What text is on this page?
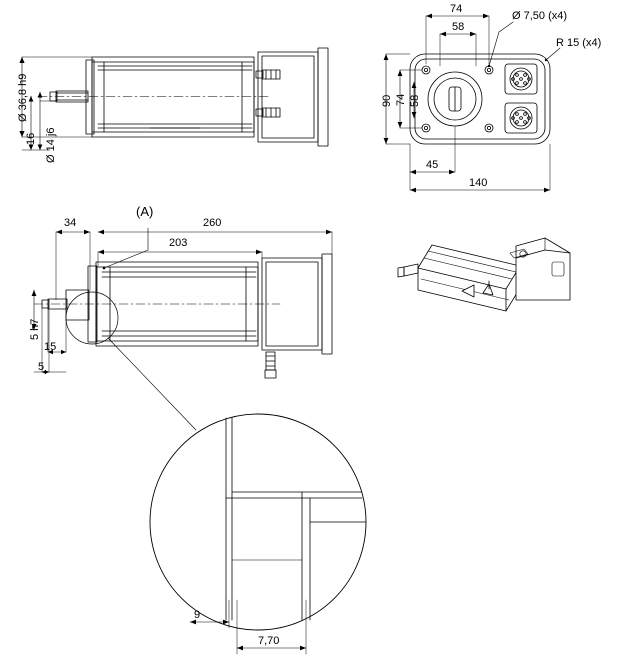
Ø 36,8 h9
Ø 14 j6
16
74
58
90 74 58
45
140
Ø 7,50 (x4)
R 15 (x4)
(A)
34	260
203
5 h7
15
5
9
7,70
